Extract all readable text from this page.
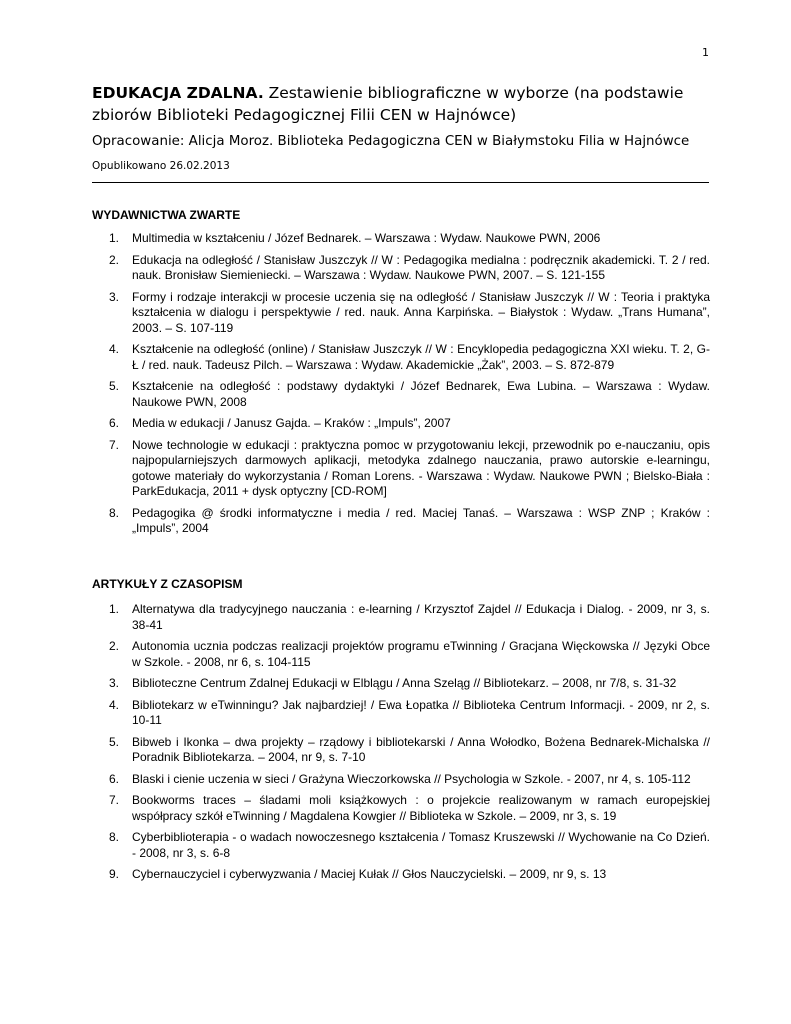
1
EDUKACJA ZDALNA. Zestawienie bibliograficzne w wyborze (na podstawie zbiorów Biblioteki Pedagogicznej Filii CEN w Hajnówce)
Opracowanie: Alicja Moroz. Biblioteka Pedagogiczna CEN w Białymstoku Filia w Hajnówce
Opublikowano 26.02.2013
WYDAWNICTWA ZWARTE
1.	Multimedia w kształceniu / Józef Bednarek. – Warszawa : Wydaw. Naukowe PWN, 2006
2.	Edukacja na odległość / Stanisław Juszczyk // W : Pedagogika medialna : podręcznik akademicki. T. 2 / red. nauk. Bronisław Siemieniecki. – Warszawa : Wydaw. Naukowe PWN, 2007. – S. 121-155
3.	Formy i rodzaje interakcji w procesie uczenia się na odległość / Stanisław Juszczyk // W : Teoria i praktyka kształcenia w dialogu i perspektywie / red. nauk. Anna Karpińska. – Białystok : Wydaw. „Trans Humana”, 2003. – S. 107-119
4.	Kształcenie na odległość (online) / Stanisław Juszczyk // W : Encyklopedia pedagogiczna XXI wieku. T. 2, G-Ł / red. nauk. Tadeusz Pilch. – Warszawa : Wydaw. Akademickie „Żak”, 2003. – S. 872-879
5.	Kształcenie na odległość : podstawy dydaktyki / Józef Bednarek, Ewa Lubina. – Warszawa : Wydaw. Naukowe PWN, 2008
6.	Media w edukacji / Janusz Gajda. – Kraków : „Impuls”, 2007
7.	Nowe technologie w edukacji : praktyczna pomoc w przygotowaniu lekcji, przewodnik po e-nauczaniu, opis najpopularniejszych darmowych aplikacji, metodyka zdalnego nauczania, prawo autorskie e-learningu, gotowe materiały do wykorzystania / Roman Lorens. - Warszawa : Wydaw. Naukowe PWN ; Bielsko-Biała : ParkEdukacja, 2011 + dysk optyczny [CD-ROM]
8.	Pedagogika @ środki informatyczne i media / red. Maciej Tanaś. – Warszawa : WSP ZNP ; Kraków : „Impuls”, 2004
ARTYKUŁY Z CZASOPISM
1.	Alternatywa dla tradycyjnego nauczania : e-learning / Krzysztof Zajdel // Edukacja i Dialog. - 2009, nr 3, s. 38-41
2.	Autonomia ucznia podczas realizacji projektów programu eTwinning / Gracjana Więckowska // Języki Obce w Szkole. - 2008, nr 6, s. 104-115
3.	Biblioteczne Centrum Zdalnej Edukacji w Elblągu / Anna Szeląg // Bibliotekarz. – 2008, nr 7/8, s. 31-32
4.	Bibliotekarz w eTwinningu? Jak najbardziej! / Ewa Łopatka // Biblioteka Centrum Informacji. - 2009, nr 2, s. 10-11
5.	Bibweb i Ikonka – dwa projekty – rządowy i bibliotekarski / Anna Wołodko, Bożena Bednarek-Michalska // Poradnik Bibliotekarza. – 2004, nr 9, s. 7-10
6.	Blaski i cienie uczenia w sieci / Grażyna Wieczorkowska // Psychologia w Szkole. - 2007, nr 4, s. 105-112
7.	Bookworms traces – śladami moli książkowych : o projekcie realizowanym w ramach europejskiej współpracy szkół eTwinning / Magdalena Kowgier // Biblioteka w Szkole. – 2009, nr 3, s. 19
8.	Cyberbiblioterapia - o wadach nowoczesnego kształcenia / Tomasz Kruszewski // Wychowanie na Co Dzień. - 2008, nr 3, s. 6-8
9.	Cybernauczyciel i cyberwyzwania / Maciej Kułak // Głos Nauczycielski. – 2009, nr 9, s. 13
